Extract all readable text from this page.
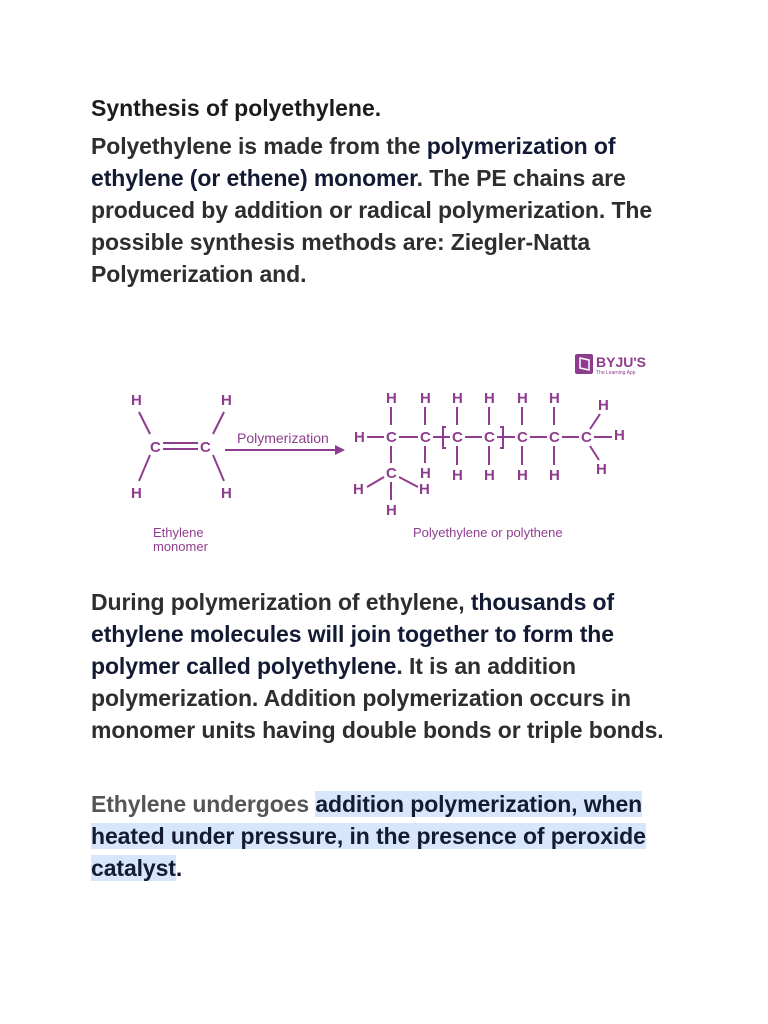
Synthesis of polyethylene.

Polyethylene is made from the polymerization of ethylene (or ethene) monomer. The PE chains are produced by addition or radical polymerization. The possible synthesis methods are: Ziegler-Natta Polymerization and.

BYJU'S
The Learning App
H	H
C	C
H	H
Polymerization
H H H H H H	H
H C C C C C C C H
C H H H H H H
H	H
H
Ethylene
monomer
Polyethylene or polythene

During polymerization of ethylene, thousands of ethylene molecules will join together to form the polymer called polyethylene. It is an addition polymerization. Addition polymerization occurs in monomer units having double bonds or triple bonds.

Ethylene undergoes addition polymerization, when heated under pressure, in the presence of peroxide catalyst.
